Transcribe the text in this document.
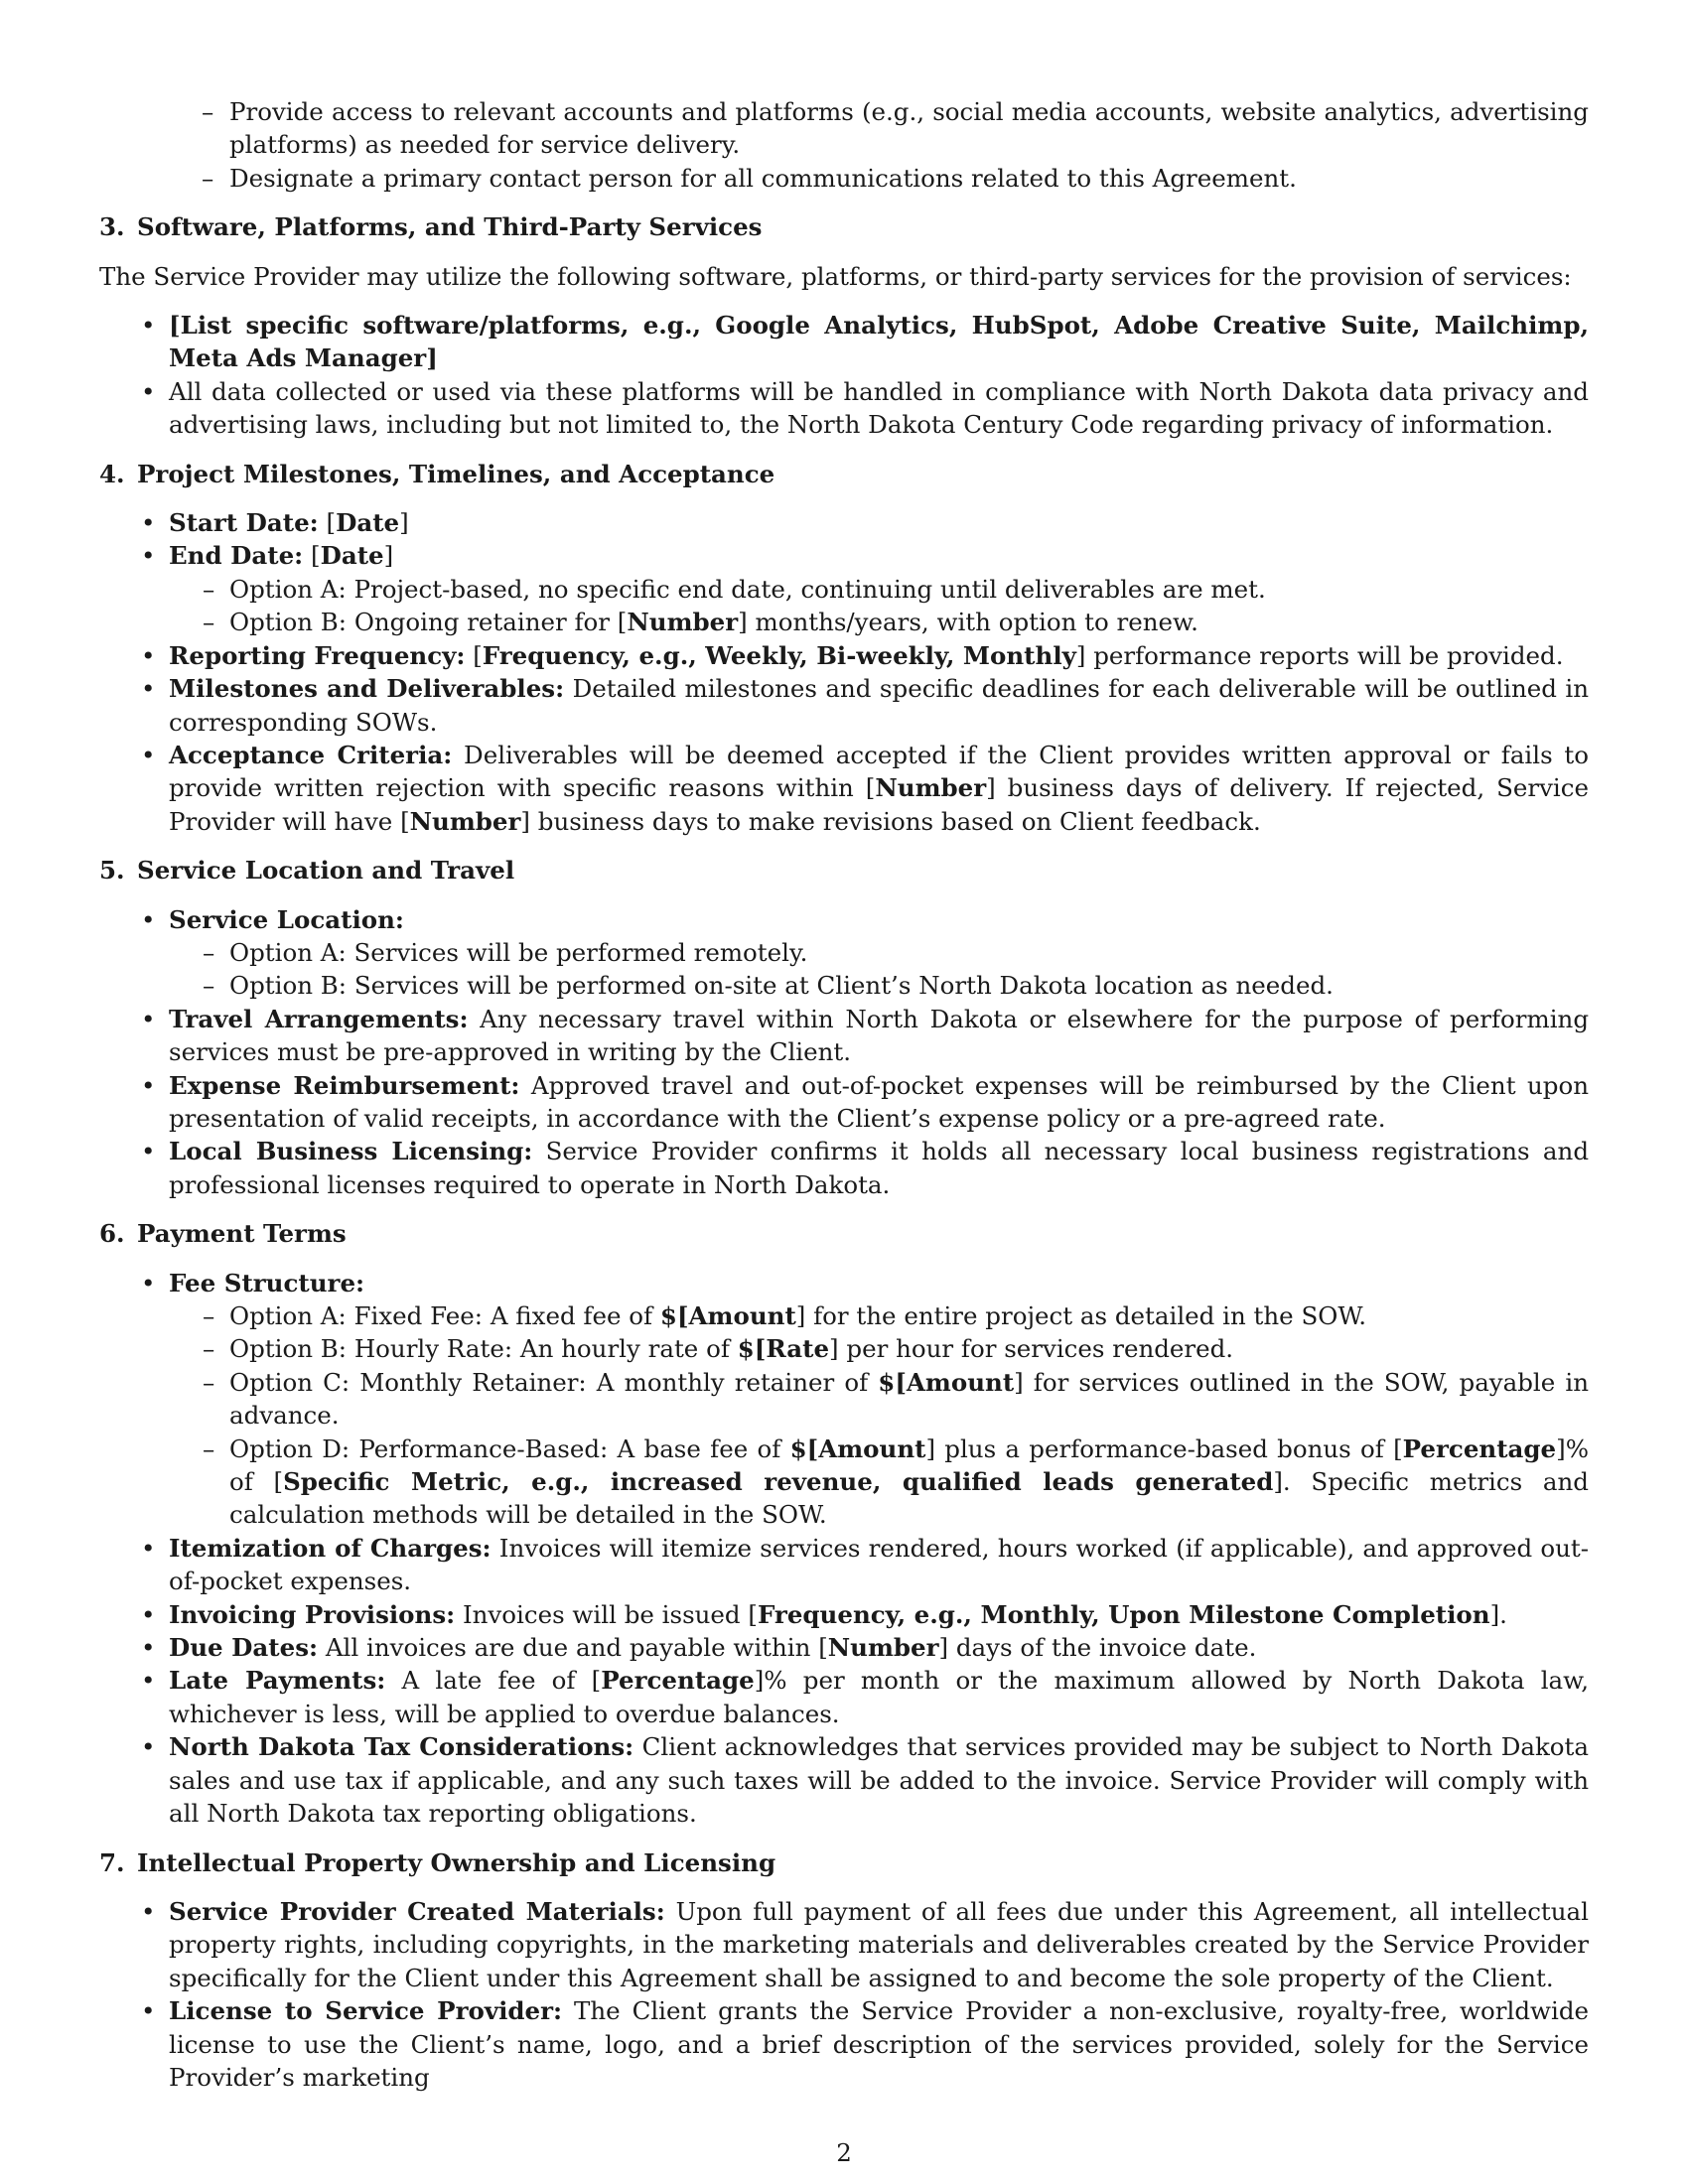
– Provide access to relevant accounts and platforms (e.g., social media accounts, website analytics, advertising platforms) as needed for service delivery.
– Designate a primary contact person for all communications related to this Agreement.
3. Software, Platforms, and Third-Party Services

The Service Provider may utilize the following software, platforms, or third-party services for the provision of services:

• [List specific software/platforms, e.g., Google Analytics, HubSpot, Adobe Creative Suite, Mailchimp, Meta Ads Manager]
• All data collected or used via these platforms will be handled in compliance with North Dakota data privacy and advertising laws, including but not limited to, the North Dakota Century Code regarding privacy of information.
4. Project Milestones, Timelines, and Acceptance
• Start Date: [Date]
• End Date: [Date]
– Option A: Project-based, no specific end date, continuing until deliverables are met.
– Option B: Ongoing retainer for [Number] months/years, with option to renew.
• Reporting Frequency: [Frequency, e.g., Weekly, Bi-weekly, Monthly] performance reports will be provided.
• Milestones and Deliverables: Detailed milestones and specific deadlines for each deliverable will be outlined in corresponding SOWs.
• Acceptance Criteria: Deliverables will be deemed accepted if the Client provides written approval or fails to provide written rejection with specific reasons within [Number] business days of delivery. If rejected, Service Provider will have [Number] business days to make revisions based on Client feedback.
5. Service Location and Travel
• Service Location:
– Option A: Services will be performed remotely.
– Option B: Services will be performed on-site at Client’s North Dakota location as needed.
• Travel Arrangements: Any necessary travel within North Dakota or elsewhere for the purpose of performing services must be pre-approved in writing by the Client.
• Expense Reimbursement: Approved travel and out-of-pocket expenses will be reimbursed by the Client upon presentation of valid receipts, in accordance with the Client’s expense policy or a pre-agreed rate.
• Local Business Licensing: Service Provider confirms it holds all necessary local business registrations and professional licenses required to operate in North Dakota.
6. Payment Terms
• Fee Structure:
– Option A: Fixed Fee: A fixed fee of $[Amount] for the entire project as detailed in the SOW.
– Option B: Hourly Rate: An hourly rate of $[Rate] per hour for services rendered.
– Option C: Monthly Retainer: A monthly retainer of $[Amount] for services outlined in the SOW, payable in advance.
– Option D: Performance-Based: A base fee of $[Amount] plus a performance-based bonus of [Percentage]% of [Specific Metric, e.g., increased revenue, qualified leads generated]. Specific metrics and calculation methods will be detailed in the SOW.
• Itemization of Charges: Invoices will itemize services rendered, hours worked (if applicable), and approved out-of-pocket expenses.
• Invoicing Provisions: Invoices will be issued [Frequency, e.g., Monthly, Upon Milestone Completion].
• Due Dates: All invoices are due and payable within [Number] days of the invoice date.
• Late Payments: A late fee of [Percentage]% per month or the maximum allowed by North Dakota law, whichever is less, will be applied to overdue balances.
• North Dakota Tax Considerations: Client acknowledges that services provided may be subject to North Dakota sales and use tax if applicable, and any such taxes will be added to the invoice. Service Provider will comply with all North Dakota tax reporting obligations.
7. Intellectual Property Ownership and Licensing
• Service Provider Created Materials: Upon full payment of all fees due under this Agreement, all intellectual property rights, including copyrights, in the marketing materials and deliverables created by the Service Provider specifically for the Client under this Agreement shall be assigned to and become the sole property of the Client.
• License to Service Provider: The Client grants the Service Provider a non-exclusive, royalty-free, worldwide license to use the Client’s name, logo, and a brief description of the services provided, solely for the Service Provider’s marketing
2
